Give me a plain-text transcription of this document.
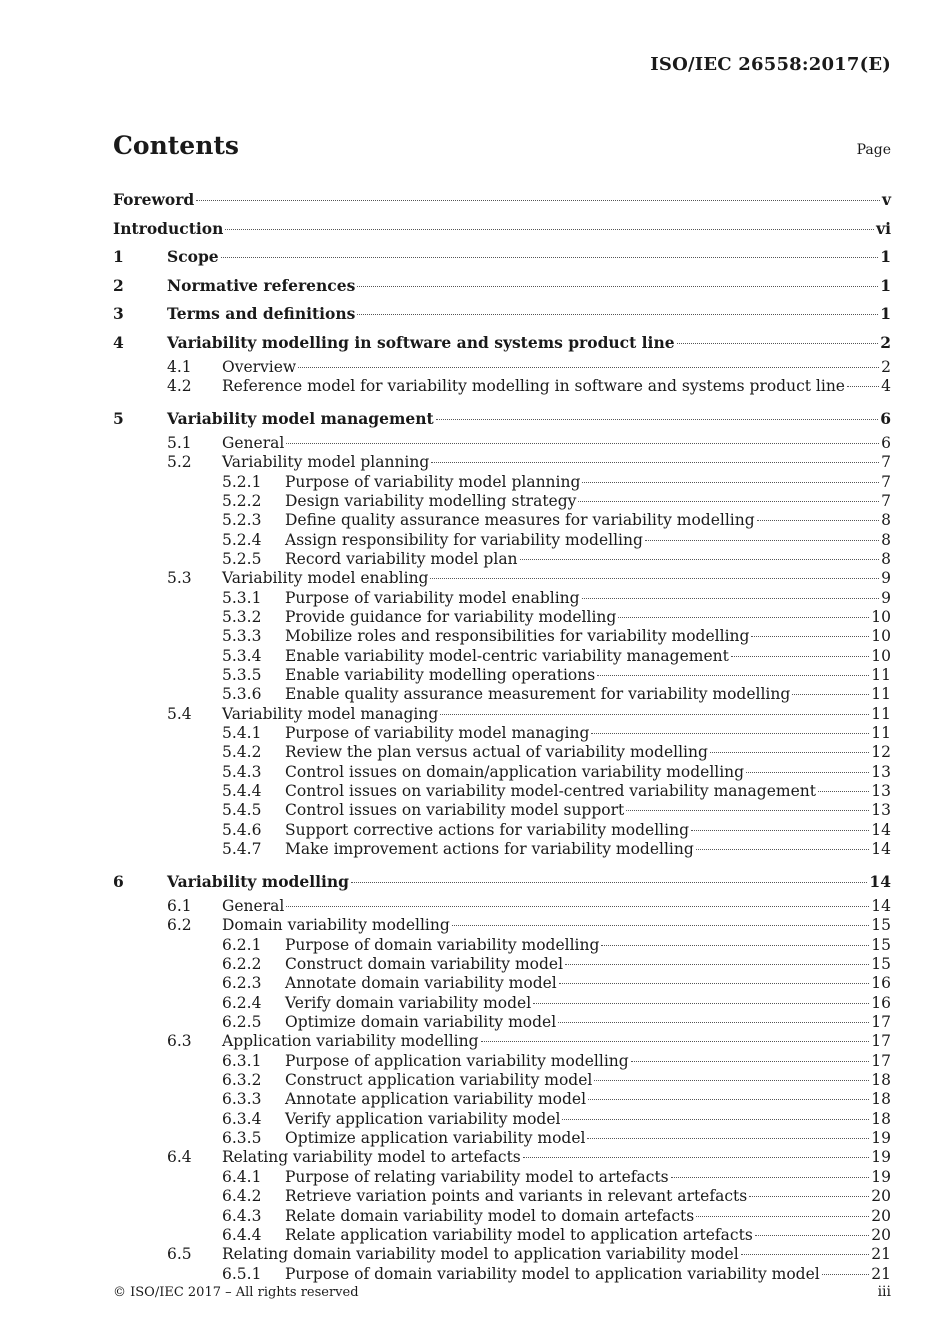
ISO/IEC 26558:2017(E)
Contents	Page
Foreword	v
Introduction	vi
1	Scope	1
2	Normative references	1
3	Terms and definitions	1
4	Variability modelling in software and systems product line	2
4.1	Overview	2
4.2	Reference model for variability modelling in software and systems product line 4
5	Variability model management	6
5.1	General	6
5.2	Variability model planning	7
5.2.1	Purpose of variability model planning	7
5.2.2	Design variability modelling strategy	7
5.2.3	Define quality assurance measures for variability modelling	8
5.2.4	Assign responsibility for variability modelling	8
5.2.5	Record variability model plan	8
5.3	Variability model enabling	9
5.3.1	Purpose of variability model enabling	9
5.3.2	Provide guidance for variability modelling	10
5.3.3	Mobilize roles and responsibilities for variability modelling	10
5.3.4	Enable variability model-centric variability management	10
5.3.5	Enable variability modelling operations	11
5.3.6	Enable quality assurance measurement for variability modelling	11
5.4	Variability model managing	11
5.4.1	Purpose of variability model managing	11
5.4.2	Review the plan versus actual of variability modelling	12
5.4.3	Control issues on domain/application variability modelling	13
5.4.4	Control issues on variability model-centred variability management	13
5.4.5	Control issues on variability model support	13
5.4.6	Support corrective actions for variability modelling	14
5.4.7	Make improvement actions for variability modelling	14
6	Variability modelling	14
6.1	General	14
6.2	Domain variability modelling	15
6.2.1	Purpose of domain variability modelling	15
6.2.2	Construct domain variability model	15
6.2.3	Annotate domain variability model	16
6.2.4	Verify domain variability model	16
6.2.5	Optimize domain variability model	17
6.3	Application variability modelling	17
6.3.1	Purpose of application variability modelling	17
6.3.2	Construct application variability model	18
6.3.3	Annotate application variability model	18
6.3.4	Verify application variability model	18
6.3.5	Optimize application variability model	19
6.4	Relating variability model to artefacts	19
6.4.1	Purpose of relating variability model to artefacts	19
6.4.2	Retrieve variation points and variants in relevant artefacts	20
6.4.3	Relate domain variability model to domain artefacts	20
6.4.4	Relate application variability model to application artefacts	20
6.5	Relating domain variability model to application variability model	21
6.5.1	Purpose of domain variability model to application variability model	21
© ISO/IEC 2017 – All rights reserved	iii
